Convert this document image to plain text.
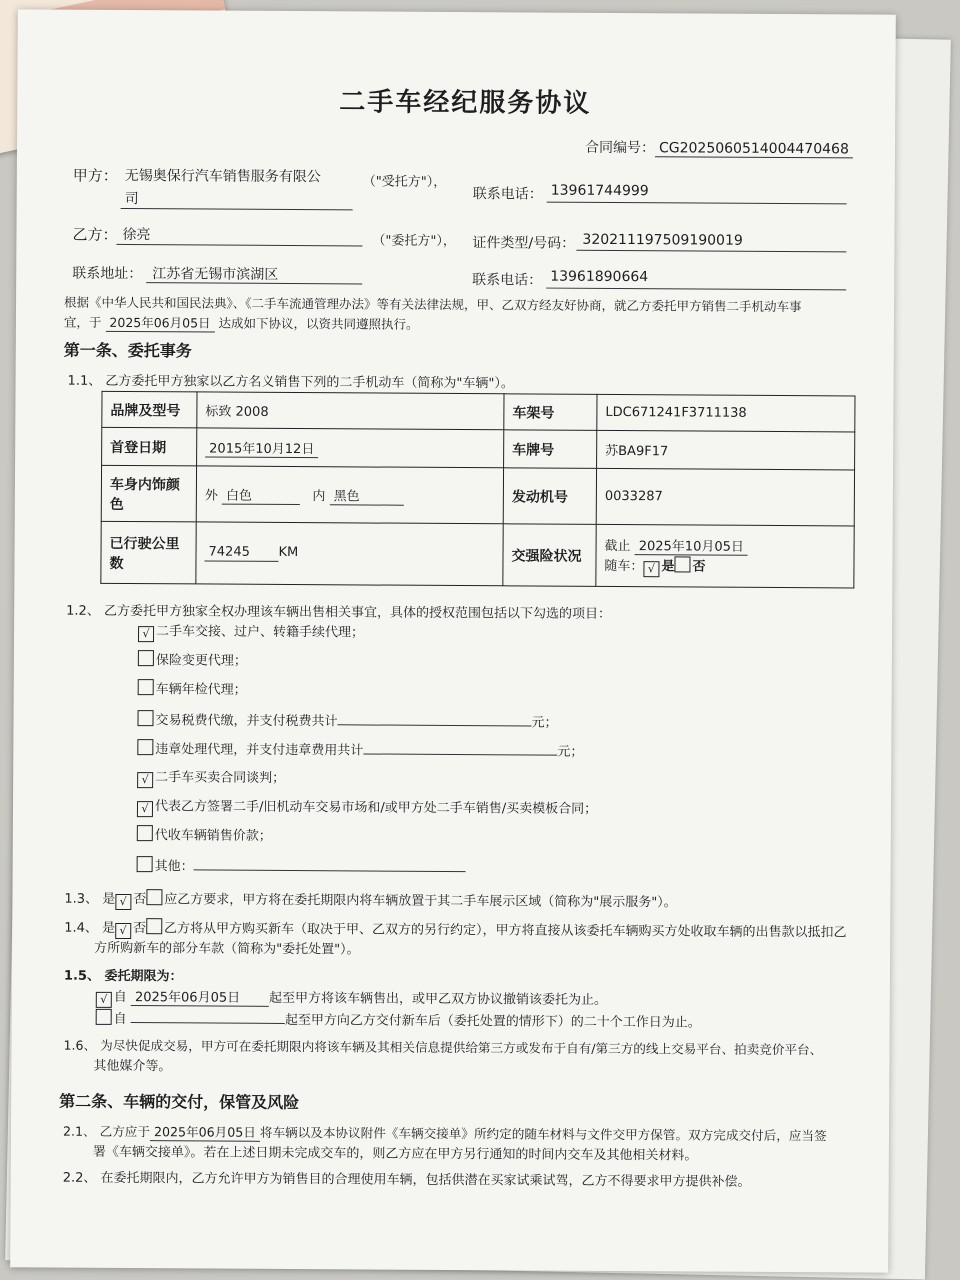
二手车经纪服务协议
合同编号： CG2025060514004470468
甲方： 无锡奥保行汽车销售服务有限公
司
（"受托方"），
联系电话： 13961744999
乙方： 徐亮	（"委托方"）， 证件类型/号码： 320211197509190019
联系地址： 江苏省无锡市滨湖区	联系电话： 13961890664
根据《中华人民共和国民法典》、《二手车流通管理办法》等有关法律法规，甲、乙双方经友好协商，就乙方委托甲方销售二手机动车事
宜，于 2025年06月05日 达成如下协议，以资共同遵照执行。
第一条、委托事务
1.1、 乙方委托甲方独家以乙方名义销售下列的二手机动车（简称为"车辆"）。
品牌及型号	标致 2008	车架号	LDC671241F3711138
首登日期	2015年10月12日	车牌号	苏BA9F17
车身内饰颜
色	外 白色 内 黑色	发动机号	0033287
已行驶公里
数	74245 KM	交强险状况	截止 2025年10月05日
随车： √ 是 否
1.2、 乙方委托甲方独家全权办理该车辆出售相关事宜，具体的授权范围包括以下勾选的项目：
√ 二手车交接、过户、转籍手续代理；
保险变更代理；
车辆年检代理；
交易税费代缴，并支付税费共计	元；
违章处理代理，并支付违章费用共计	元；
√ 二手车买卖合同谈判；
√ 代表乙方签署二手/旧机动车交易市场和/或甲方处二手车销售/买卖模板合同；
代收车辆销售价款；
其他：
1.3、 是 √ 否 应乙方要求，甲方将在委托期限内将车辆放置于其二手车展示区域（简称为"展示服务"）。
1.4、 是 √ 否 乙方将从甲方购买新车（取决于甲、乙双方的另行约定），甲方将直接从该委托车辆购买方处收取车辆的出售款以抵扣乙
方所购新车的部分车款（简称为"委托处置"）。
1.5、 委托期限为：
√ 自 2025年06月05日 起至甲方将该车辆售出，或甲乙双方协议撤销该委托为止。
自	起至甲方向乙方交付新车后（委托处置的情形下）的二十个工作日为止。
1.6、 为尽快促成交易，甲方可在委托期限内将该车辆及其相关信息提供给第三方或发布于自有/第三方的线上交易平台、拍卖竞价平台、
其他媒介等。
第二条、车辆的交付，保管及风险
2.1、 乙方应于 2025年06月05日 将车辆以及本协议附件《车辆交接单》所约定的随车材料与文件交甲方保管。双方完成交付后，应当签
署《车辆交接单》。若在上述日期未完成交车的，则乙方应在甲方另行通知的时间内交车及其他相关材料。
2.2、 在委托期限内，乙方允许甲方为销售目的合理使用车辆，包括供潜在买家试乘试驾，乙方不得要求甲方提供补偿。
